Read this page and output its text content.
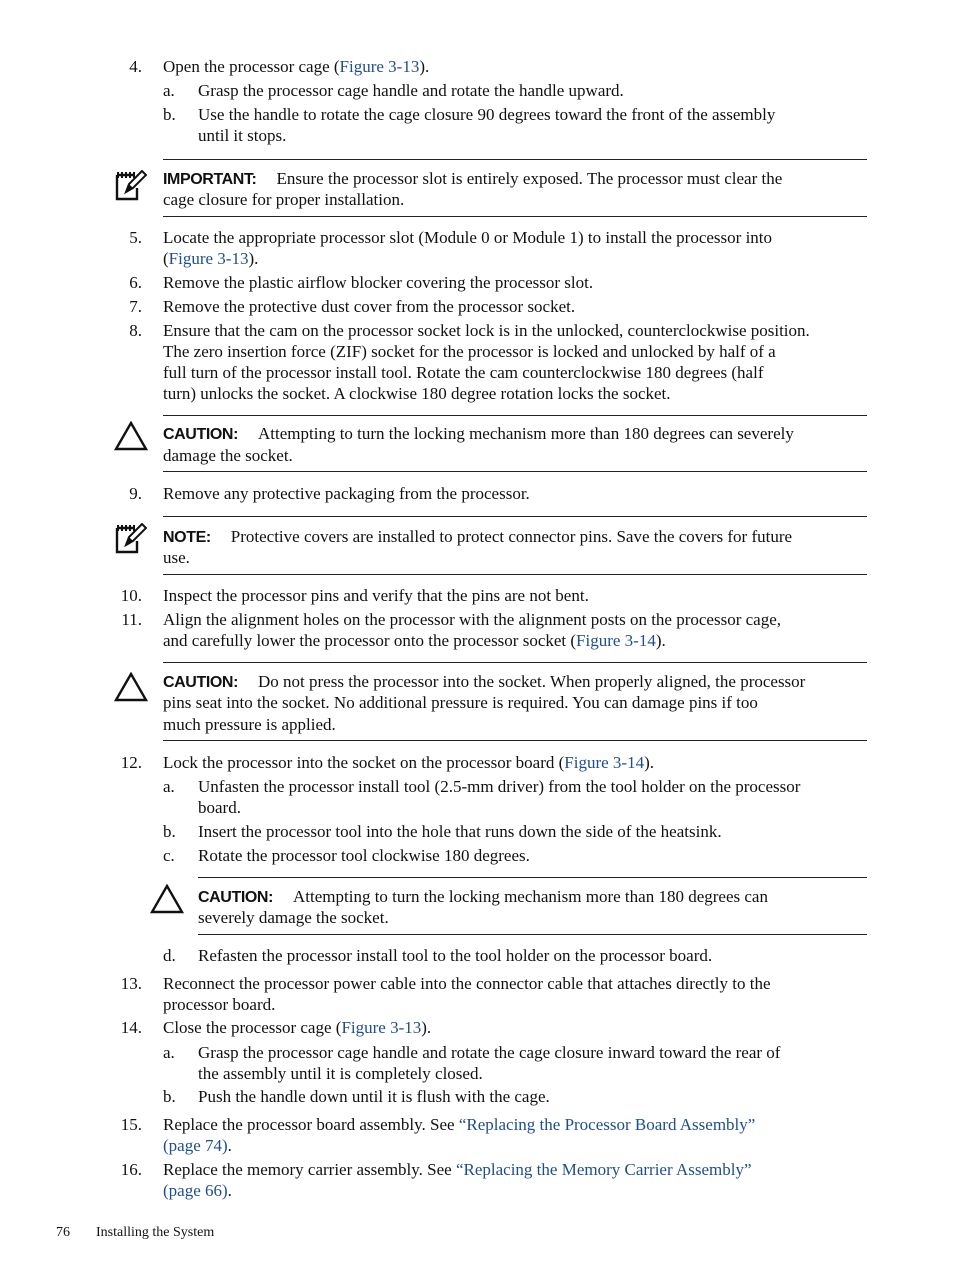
4. Open the processor cage (Figure 3-13).
a. Grasp the processor cage handle and rotate the handle upward.
b. Use the handle to rotate the cage closure 90 degrees toward the front of the assembly
until it stops.
IMPORTANT: Ensure the processor slot is entirely exposed. The processor must clear the
cage closure for proper installation.
5. Locate the appropriate processor slot (Module 0 or Module 1) to install the processor into
(Figure 3-13).
6. Remove the plastic airflow blocker covering the processor slot.
7. Remove the protective dust cover from the processor socket.
8. Ensure that the cam on the processor socket lock is in the unlocked, counterclockwise position.
The zero insertion force (ZIF) socket for the processor is locked and unlocked by half of a
full turn of the processor install tool. Rotate the cam counterclockwise 180 degrees (half
turn) unlocks the socket. A clockwise 180 degree rotation locks the socket.
CAUTION: Attempting to turn the locking mechanism more than 180 degrees can severely
damage the socket.
9. Remove any protective packaging from the processor.
NOTE: Protective covers are installed to protect connector pins. Save the covers for future
use.
10. Inspect the processor pins and verify that the pins are not bent.
11. Align the alignment holes on the processor with the alignment posts on the processor cage,
and carefully lower the processor onto the processor socket (Figure 3-14).
CAUTION: Do not press the processor into the socket. When properly aligned, the processor
pins seat into the socket. No additional pressure is required. You can damage pins if too
much pressure is applied.
12. Lock the processor into the socket on the processor board (Figure 3-14).
a. Unfasten the processor install tool (2.5-mm driver) from the tool holder on the processor
board.
b. Insert the processor tool into the hole that runs down the side of the heatsink.
c. Rotate the processor tool clockwise 180 degrees.
CAUTION: Attempting to turn the locking mechanism more than 180 degrees can
severely damage the socket.
d. Refasten the processor install tool to the tool holder on the processor board.
13. Reconnect the processor power cable into the connector cable that attaches directly to the
processor board.
14. Close the processor cage (Figure 3-13).
a. Grasp the processor cage handle and rotate the cage closure inward toward the rear of
the assembly until it is completely closed.
b. Push the handle down until it is flush with the cage.
15. Replace the processor board assembly. See “Replacing the Processor Board Assembly”
(page 74).
16. Replace the memory carrier assembly. See “Replacing the Memory Carrier Assembly”
(page 66).
76 Installing the System
